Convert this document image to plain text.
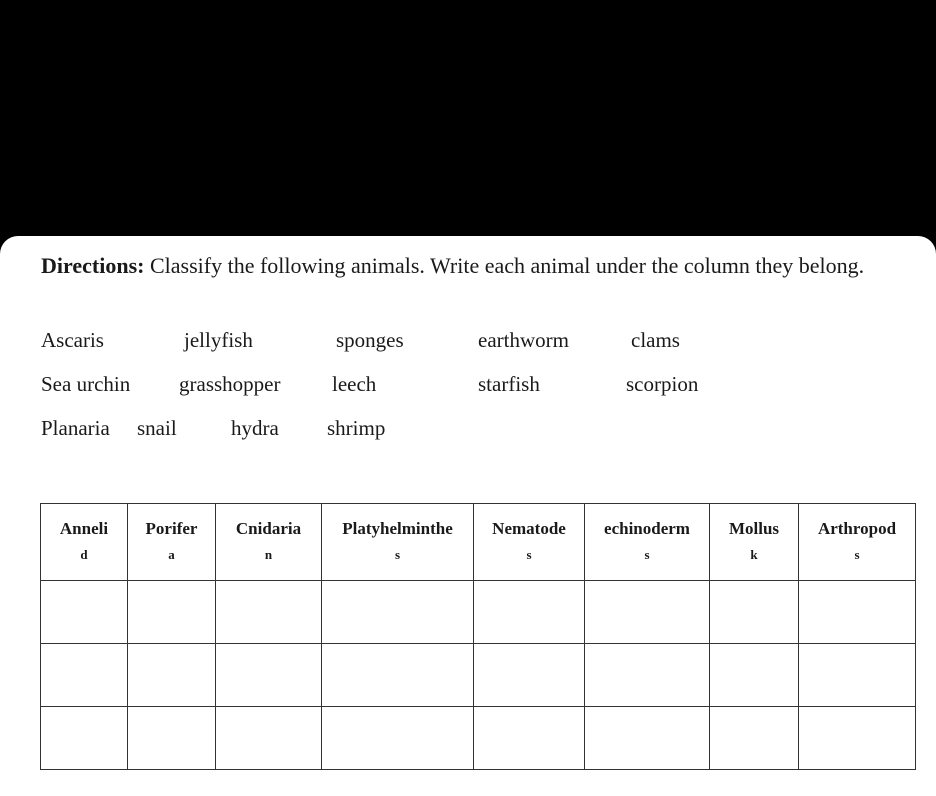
Directions: Classify the following animals. Write each animal under the column they belong.

Ascaris	jellyfish	sponges	earthworm	clams
Sea urchin grasshopper leech	starfish	scorpion
Planaria snail	hydra shrimp
Anneli
d	Porifer
a	Cnidaria
n	Platyhelminthe
s	Nematode
s	echinoderm
s	Mollus
k	Arthropod
s
